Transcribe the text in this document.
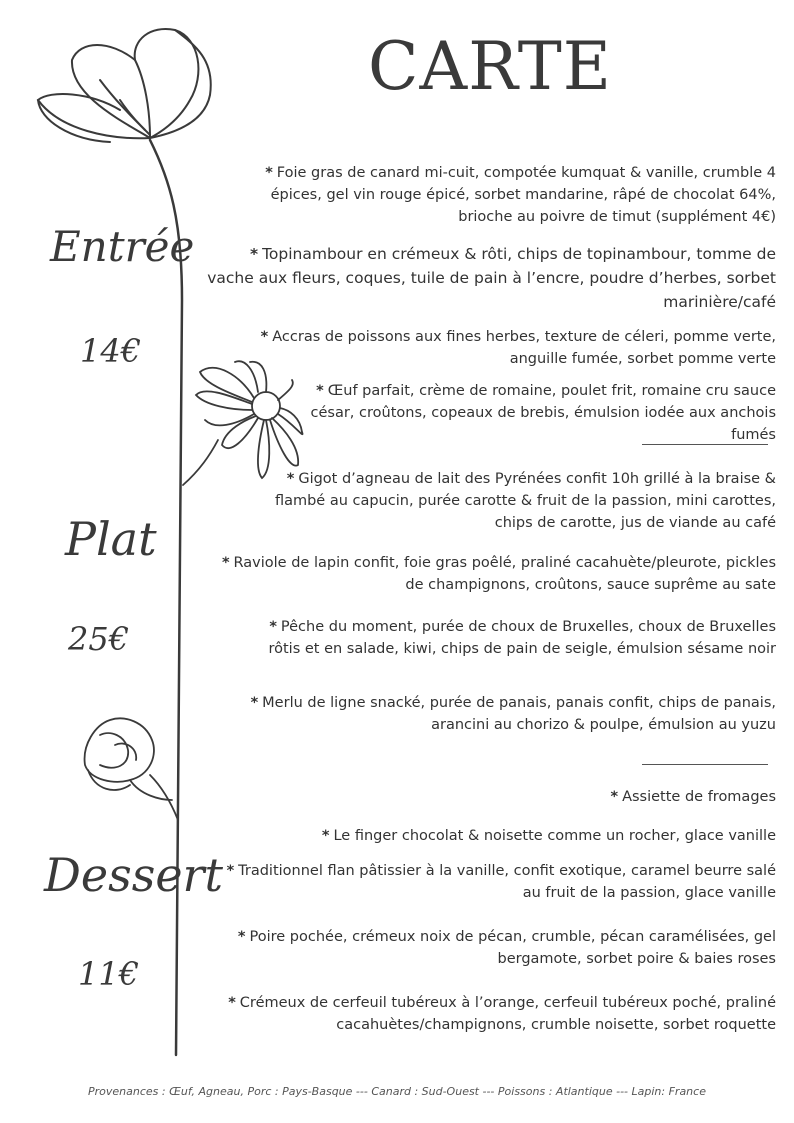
CARTE
Entrée
14€
Plat
25€
Dessert
11€
* Foie gras de canard mi-cuit, compotée kumquat & vanille, crumble 4 épices, gel vin rouge épicé, sorbet mandarine, râpé de chocolat 64%, brioche au poivre de timut (supplément 4€)
* Topinambour en crémeux & rôti, chips de topinambour, tomme de vache aux fleurs, coques, tuile de pain à l’encre, poudre d’herbes, sorbet marinière/café
* Accras de poissons aux fines herbes, texture de céleri, pomme verte, anguille fumée, sorbet pomme verte
* Œuf parfait, crème de romaine, poulet frit, romaine cru sauce césar, croûtons, copeaux de brebis, émulsion iodée aux anchois fumés
* Gigot d’agneau de lait des Pyrénées confit 10h grillé à la braise & flambé au capucin, purée carotte & fruit de la passion, mini carottes, chips de carotte, jus de viande au café
* Raviole de lapin confit, foie gras poêlé, praliné cacahuète/pleurote, pickles de champignons, croûtons, sauce suprême au sate
* Pêche du moment, purée de choux de Bruxelles, choux de Bruxelles rôtis et en salade, kiwi, chips de pain de seigle, émulsion sésame noir
* Merlu de ligne snacké, purée de panais, panais confit, chips de panais, arancini au chorizo & poulpe, émulsion au yuzu
* Assiette de fromages
* Le finger chocolat & noisette comme un rocher, glace vanille
* Traditionnel flan pâtissier à la vanille, confit exotique, caramel beurre salé au fruit de la passion, glace vanille
* Poire pochée, crémeux noix de pécan, crumble, pécan caramélisées, gel bergamote, sorbet poire & baies roses
* Crémeux de cerfeuil tubéreux à l’orange, cerfeuil tubéreux poché, praliné cacahuètes/champignons, crumble noisette, sorbet roquette
Provenances : Œuf, Agneau, Porc : Pays-Basque --- Canard : Sud-Ouest --- Poissons : Atlantique --- Lapin: France
